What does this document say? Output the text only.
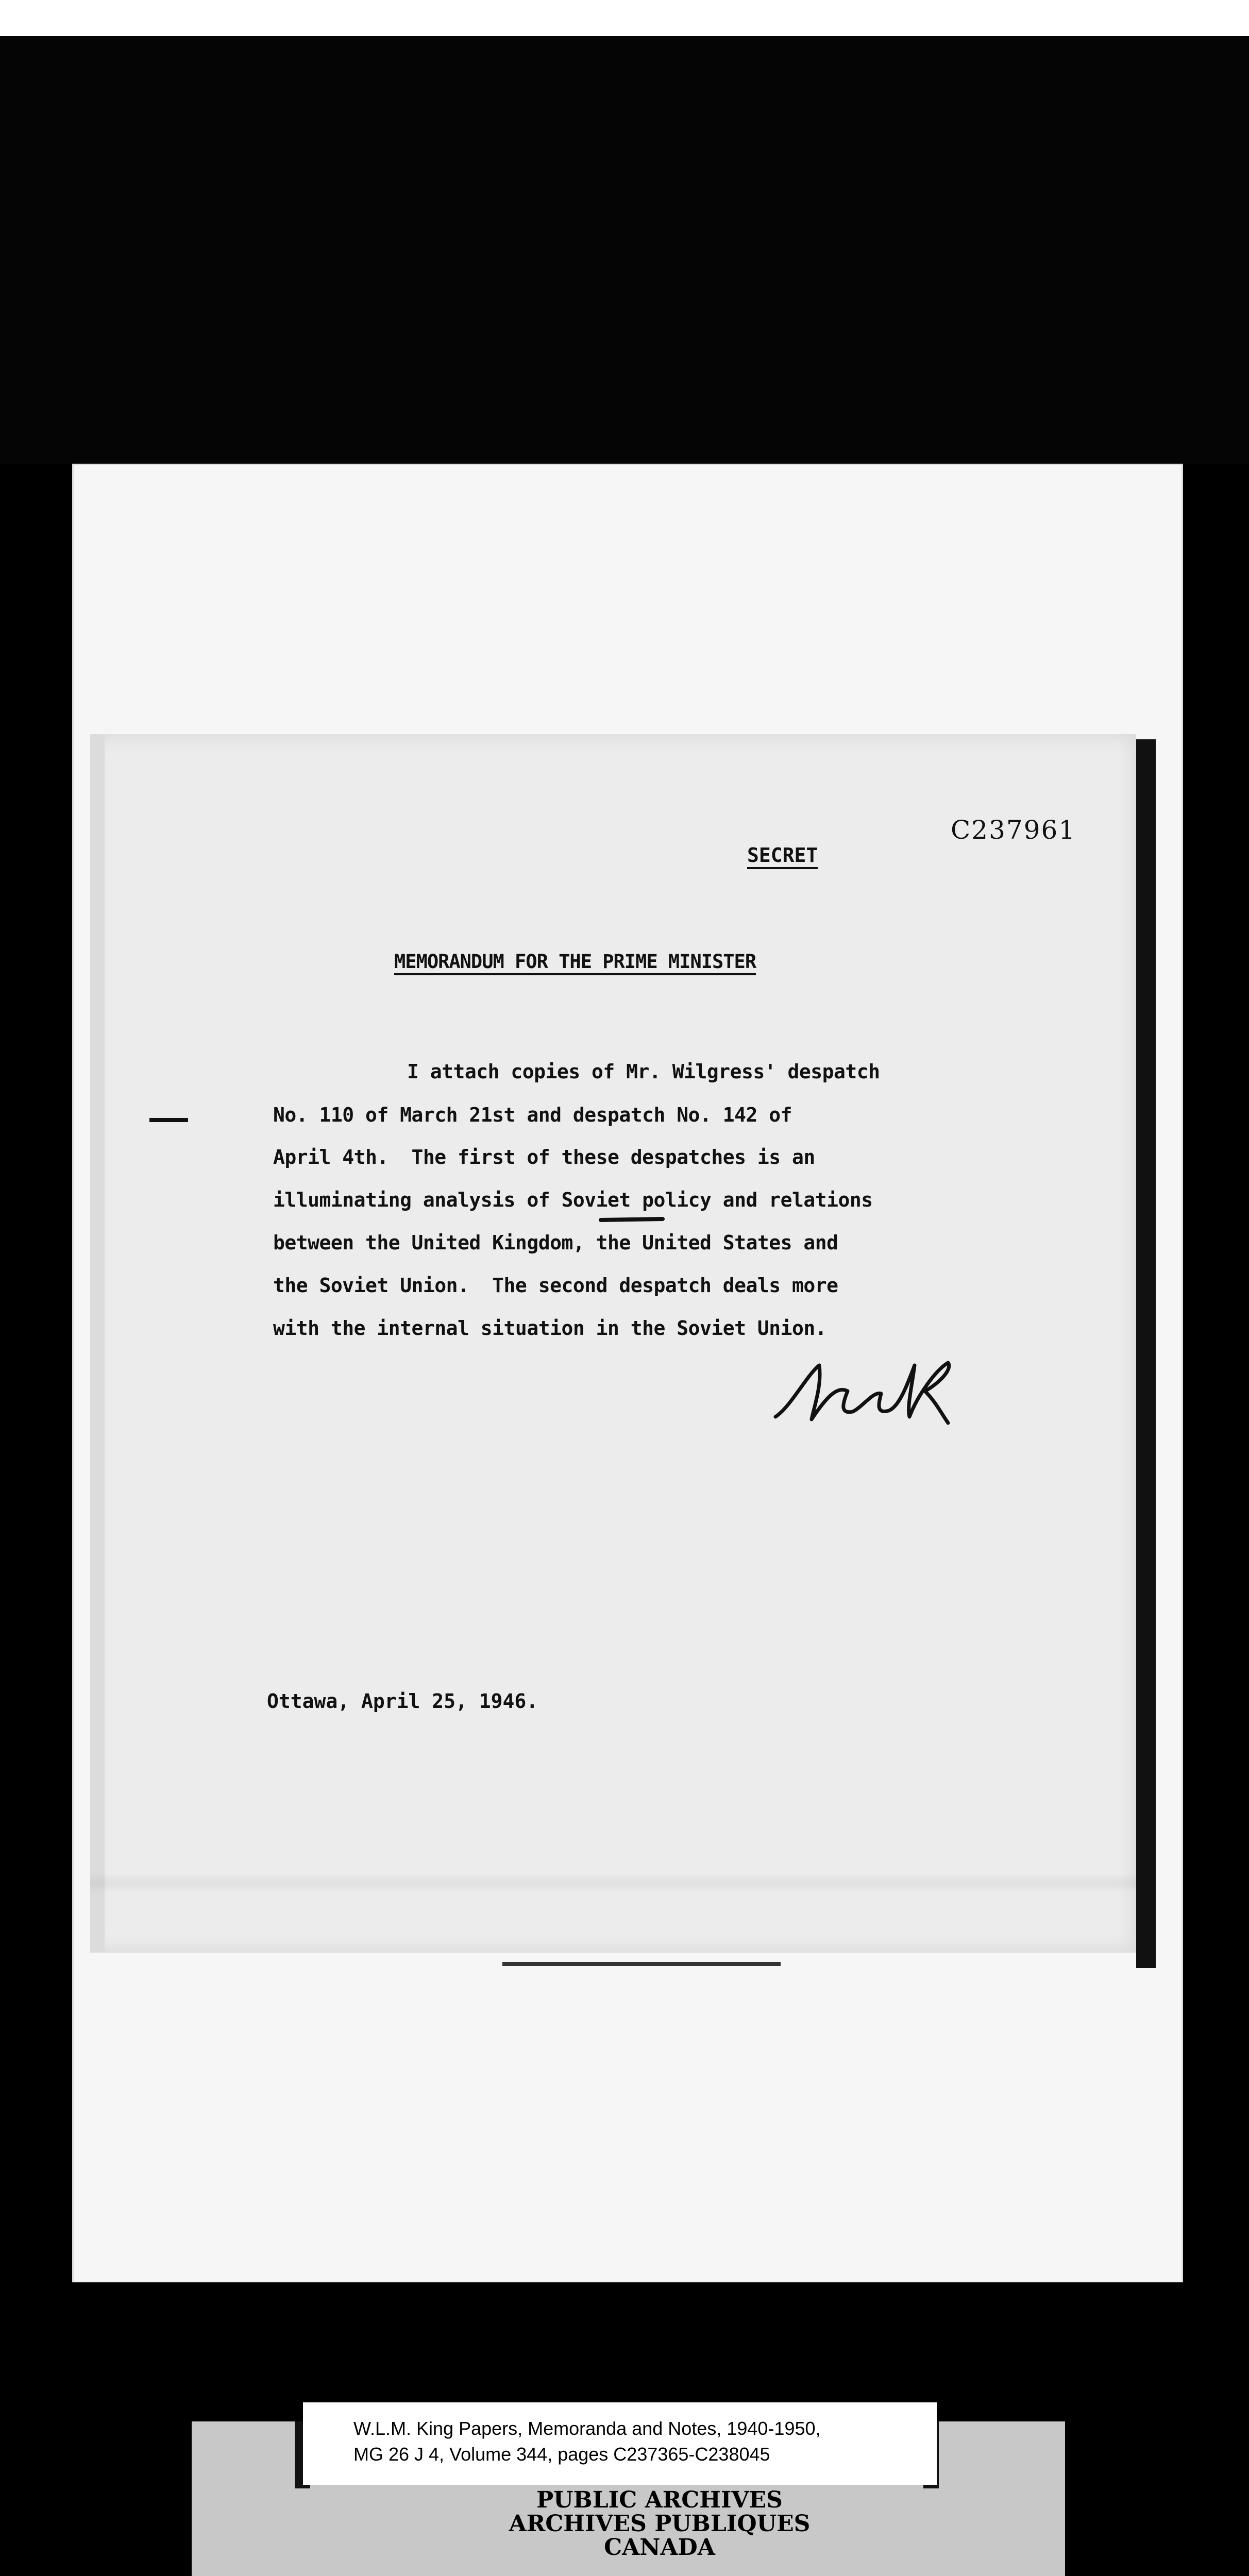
C237961
SECRET
MEMORANDUM FOR THE PRIME MINISTER
I attach copies of Mr. Wilgress' despatch
No. 110 of March 21st and despatch No. 142 of
April 4th.  The first of these despatches is an
illuminating analysis of Soviet policy and relations
between the United Kingdom, the United States and
the Soviet Union.  The second despatch deals more
with the internal situation in the Soviet Union.
Ottawa, April 25, 1946.
W.L.M. King Papers, Memoranda and Notes, 1940-1950,
MG 26 J 4, Volume 344, pages C237365-C238045
PUBLIC ARCHIVES
ARCHIVES PUBLIQUES
CANADA
